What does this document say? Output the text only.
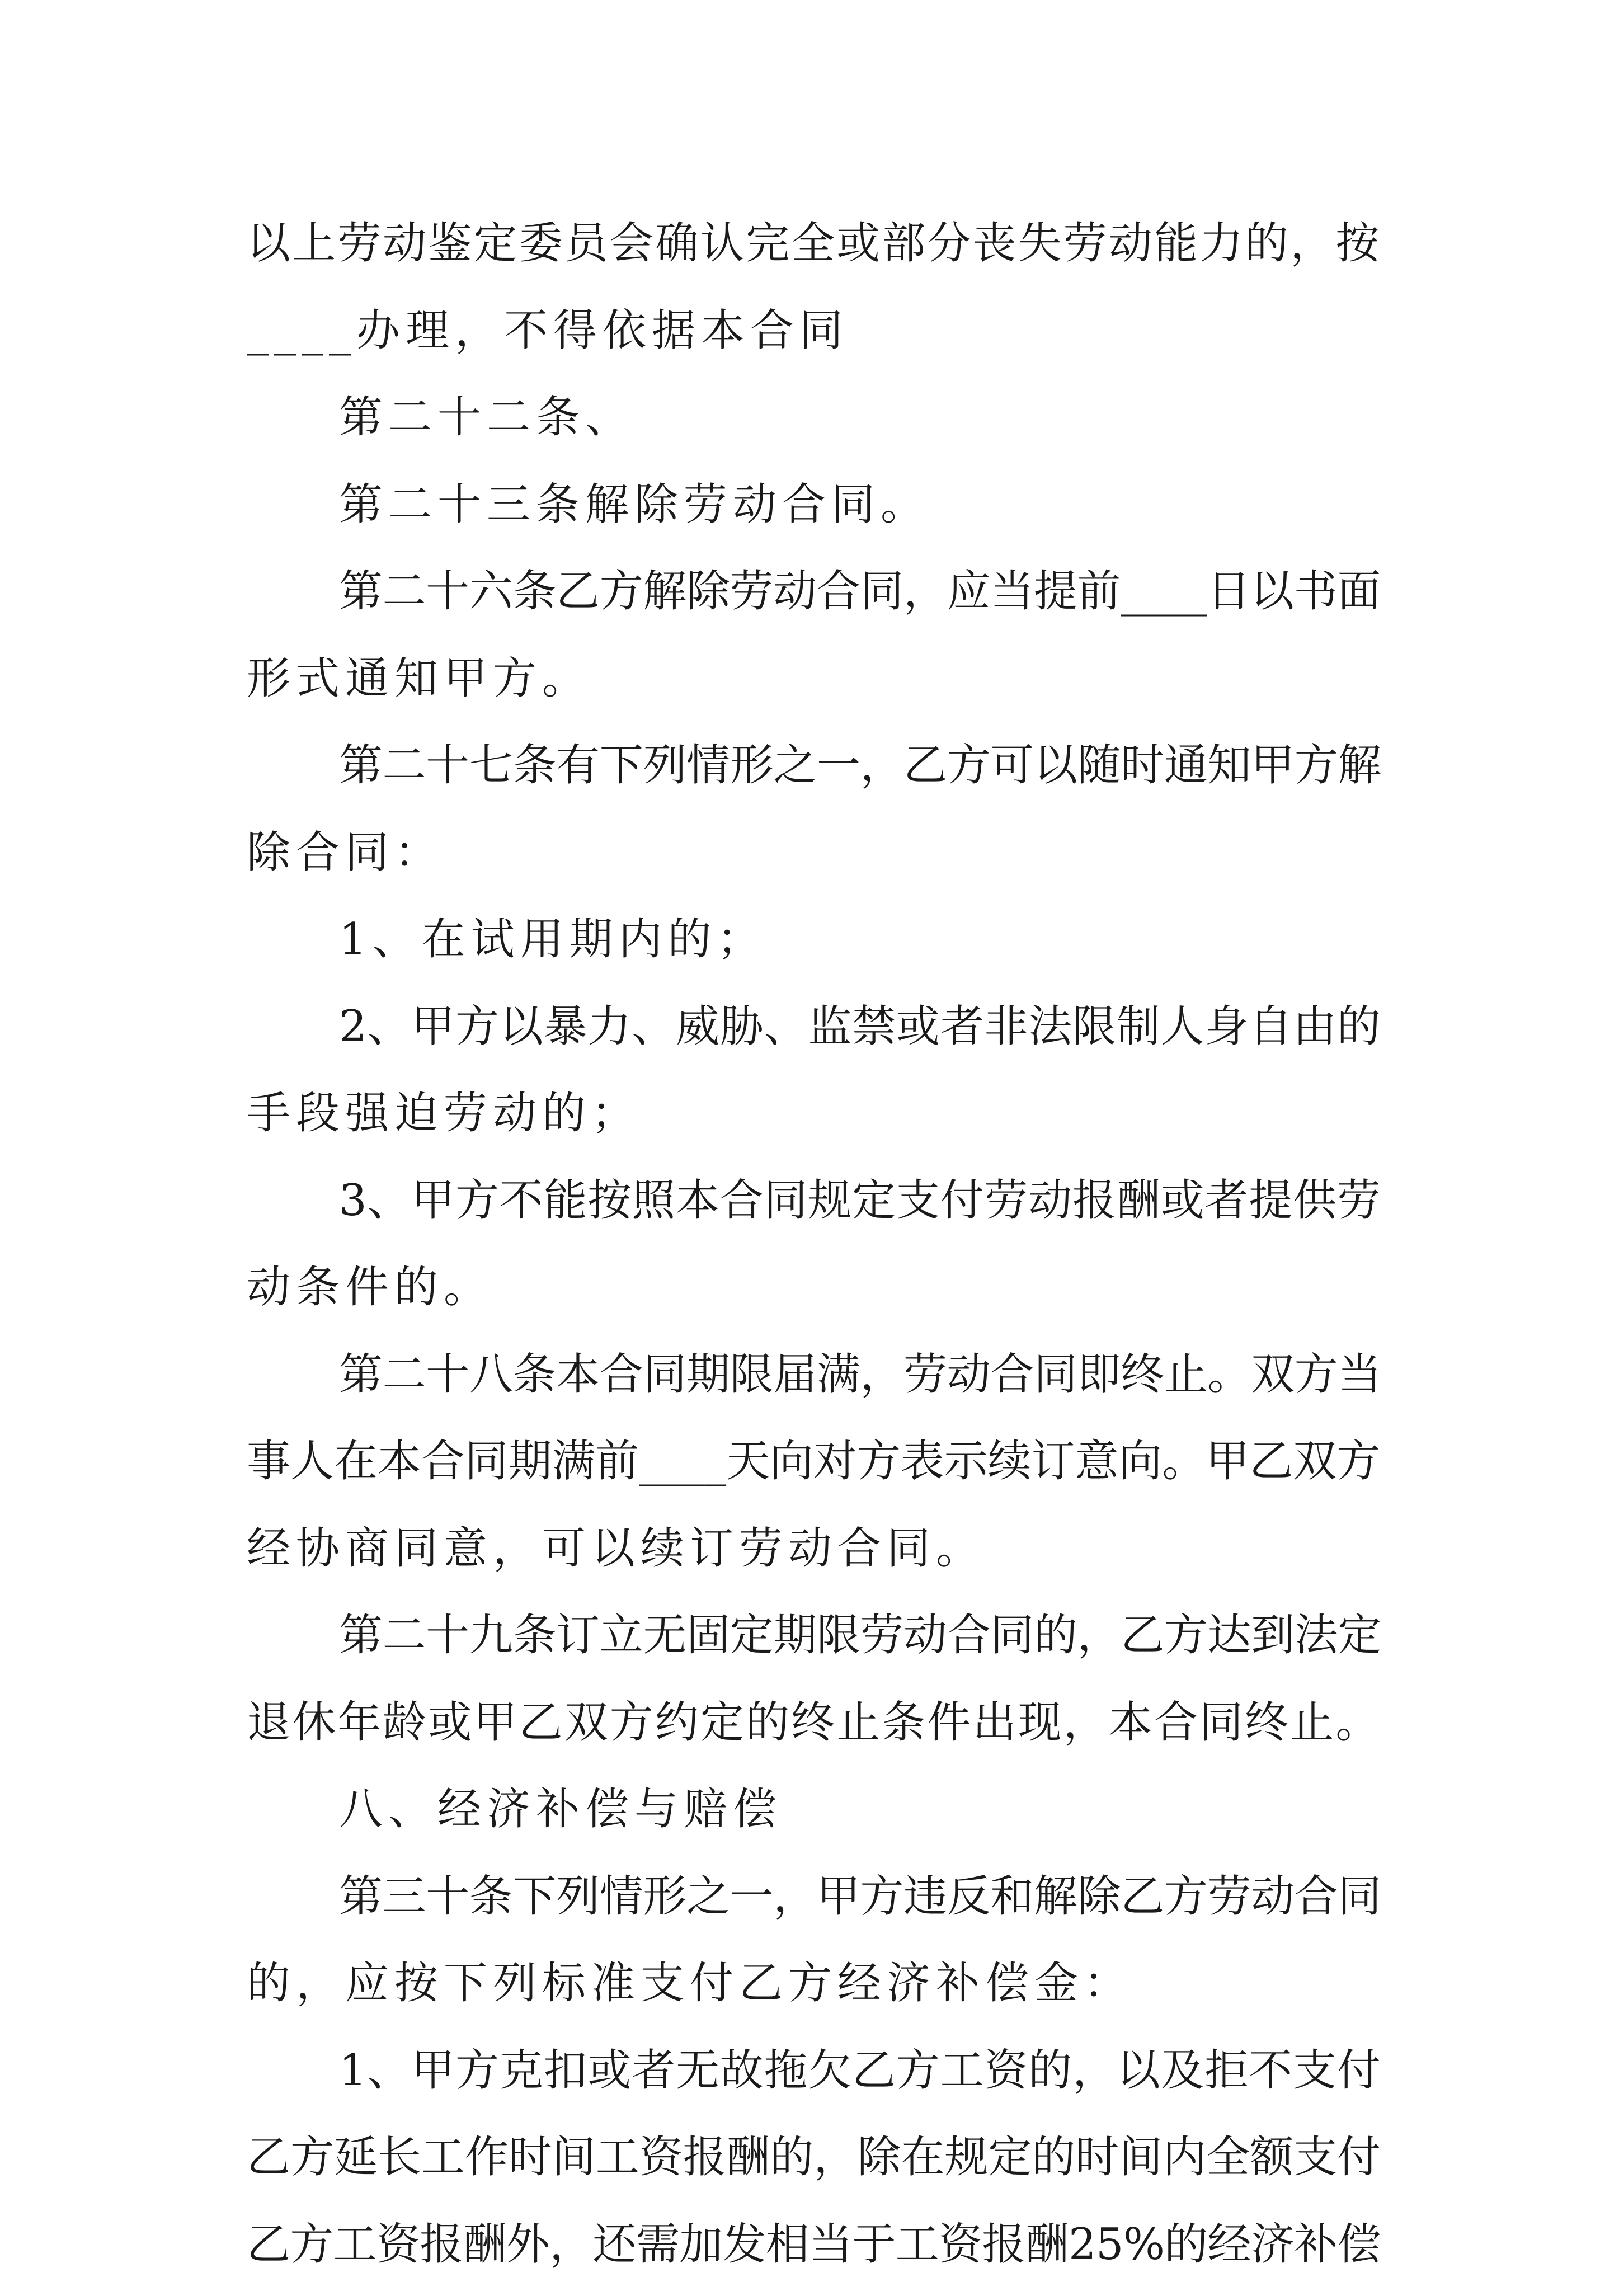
以上劳动鉴定委员会确认完全或部分丧失劳动能力的，按

____办理，不得依据本合同

第二十二条、

第二十三条解除劳动合同。

第二十六条乙方解除劳动合同，应当提前____日以书面

形式通知甲方。

第二十七条有下列情形之一，乙方可以随时通知甲方解

除合同：

1、在试用期内的；

2、甲方以暴力、威胁、监禁或者非法限制人身自由的

手段强迫劳动的；

3、甲方不能按照本合同规定支付劳动报酬或者提供劳

动条件的。

第二十八条本合同期限届满，劳动合同即终止。双方当

事人在本合同期满前____天向对方表示续订意向。甲乙双方

经协商同意，可以续订劳动合同。

第二十九条订立无固定期限劳动合同的，乙方达到法定

退休年龄或甲乙双方约定的终止条件出现，本合同终止。

八、经济补偿与赔偿

第三十条下列情形之一，甲方违反和解除乙方劳动合同

的，应按下列标准支付乙方经济补偿金：

1、甲方克扣或者无故拖欠乙方工资的，以及拒不支付

乙方延长工作时间工资报酬的，除在规定的时间内全额支付

乙方工资报酬外，还需加发相当于工资报酬25%的经济补偿
